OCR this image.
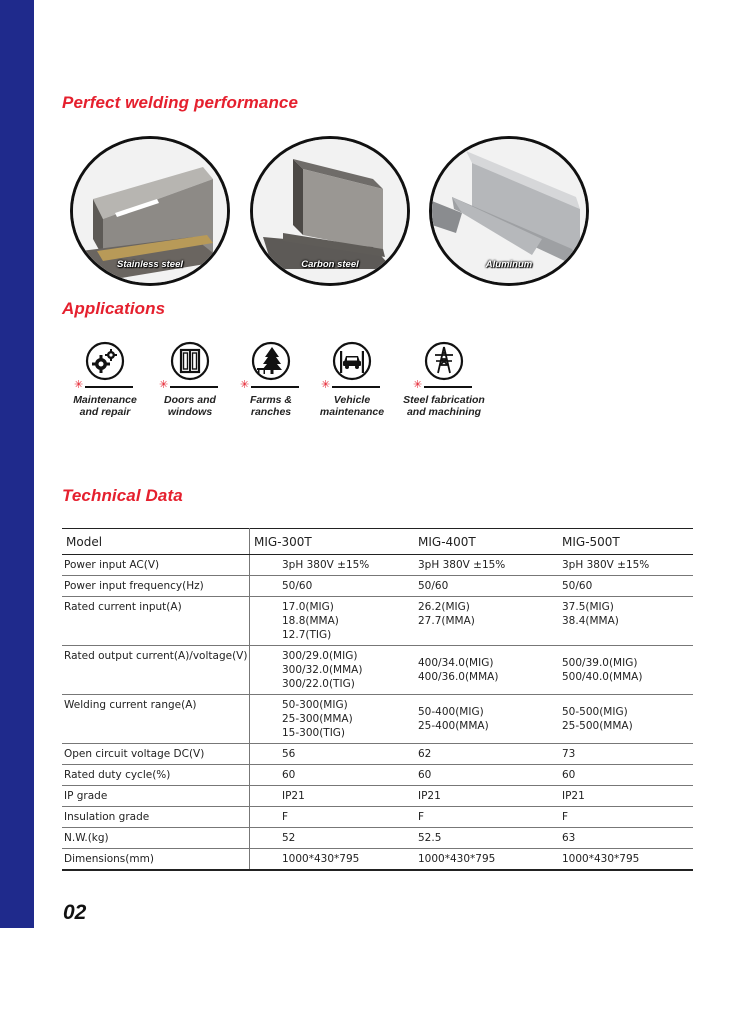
Perfect welding performance
Stainless steel	Carbon steel	Aluminum
Applications
✳
Maintenance
and repair
✳
Doors and
windows
✳
Farms &
ranches
✳
Vehicle
maintenance
✳
Steel fabrication
and machining
Technical Data
Model	MIG-300T	MIG-400T	MIG-500T
Power input AC(V)	3pH 380V ±15%	3pH 380V ±15%	3pH 380V ±15%
Power input frequency(Hz)	50/60	50/60	50/60
Rated current input(A)	17.0(MIG)
18.8(MMA)
12.7(TIG)	26.2(MIG)
27.7(MMA)	37.5(MIG)
38.4(MMA)

Rated output current(A)/voltage(V)	300/29.0(MIG)
300/32.0(MMA)
300/22.0(TIG)	400/34.0(MIG)
400/36.0(MMA)	500/39.0(MIG)
500/40.0(MMA)

Welding current range(A)	50-300(MIG)
25-300(MMA)
15-300(TIG)	50-400(MIG)
25-400(MMA)	50-500(MIG)
25-500(MMA)

Open circuit voltage DC(V)	56	62	73
Rated duty cycle(%)	60	60	60
IP grade	IP21	IP21	IP21
Insulation grade	F	F	F
N.W.(kg)	52	52.5	63
Dimensions(mm)	1000*430*795	1000*430*795	1000*430*795

02
